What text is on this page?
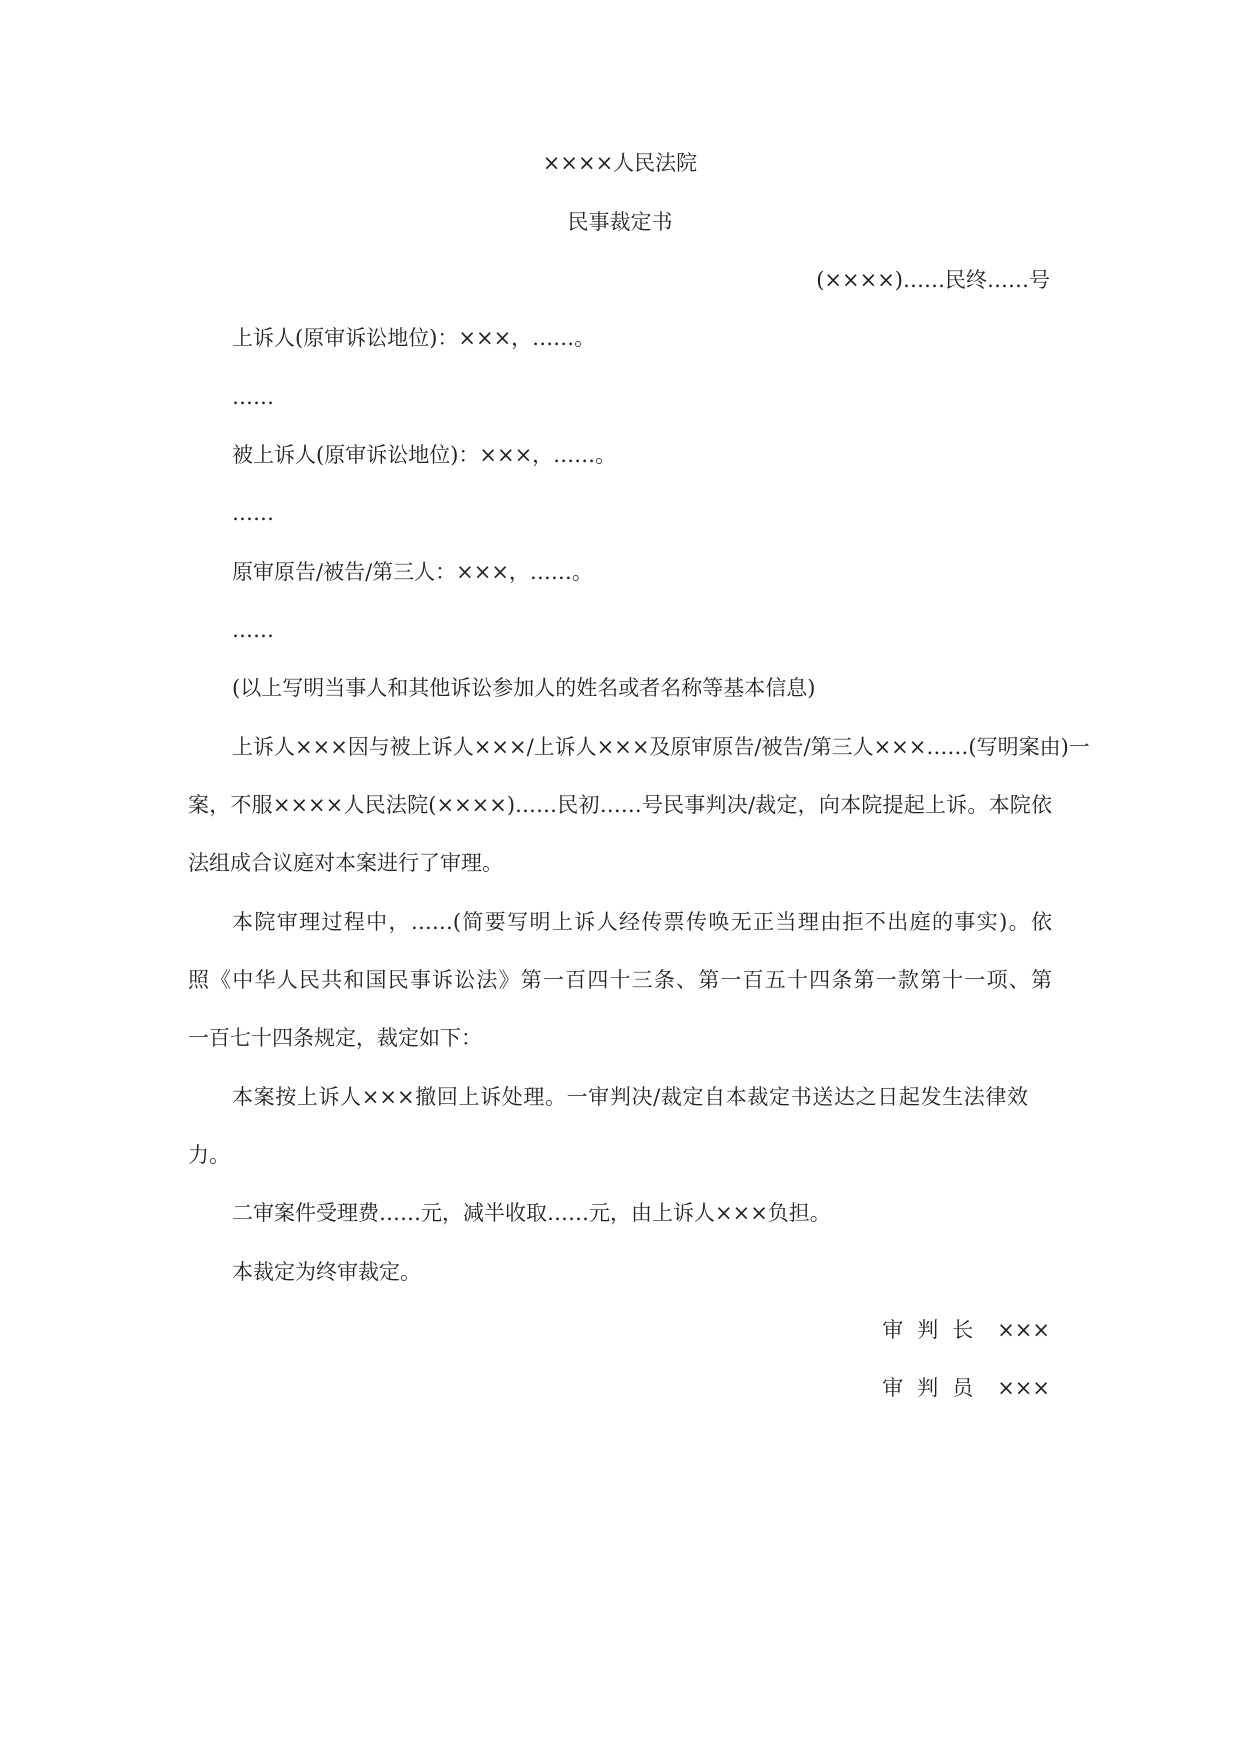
××××人民法院

民事裁定书

(××××)……民终……号

上诉人(原审诉讼地位)：×××，……。

……

被上诉人(原审诉讼地位)：×××，……。

……

原审原告/被告/第三人：×××，……。

……

(以上写明当事人和其他诉讼参加人的姓名或者名称等基本信息)

上诉人×××因与被上诉人×××/上诉人×××及原审原告/被告/第三人×××……(写明案由)一

案，不服××××人民法院(××××)……民初……号民事判决/裁定，向本院提起上诉。本院依

法组成合议庭对本案进行了审理。

本院审理过程中，……(简要写明上诉人经传票传唤无正当理由拒不出庭的事实)。依

照《中华人民共和国民事诉讼法》第一百四十三条、第一百五十四条第一款第十一项、第

一百七十四条规定，裁定如下：

本案按上诉人×××撤回上诉处理。一审判决/裁定自本裁定书送达之日起发生法律效

力。

二审案件受理费……元，减半收取……元，由上诉人×××负担。

本裁定为终审裁定。

审判长 ×××
审判员 ×××
